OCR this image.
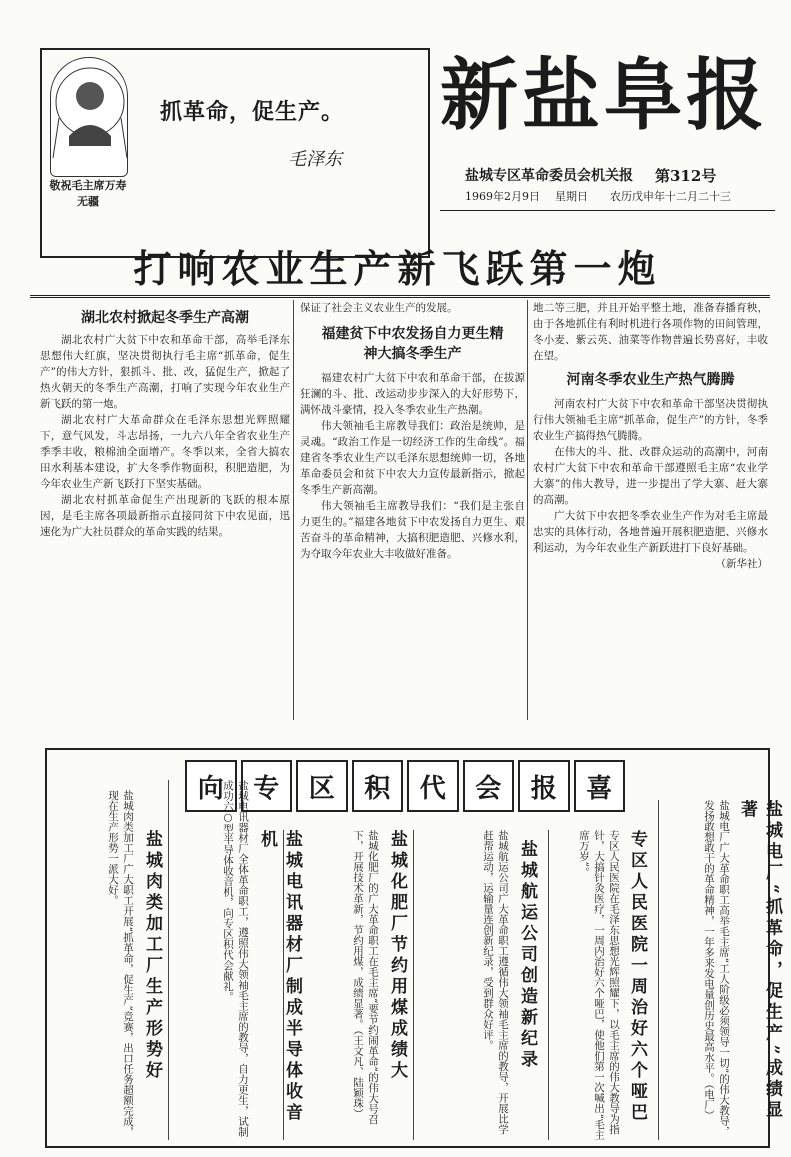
敬祝毛主席万寿无疆
抓革命，促生产。
毛泽东
新盐阜报
盐城专区革命委员会机关报 第312号
1969年2月9日 星期日 农历戊申年十二月二十三
打响农业生产新飞跃第一炮
湖北农村掀起冬季生产高潮

湖北农村广大贫下中农和革命干部，高举毛泽东思想伟大红旗，坚决贯彻执行毛主席“抓革命，促生产”的伟大方针，狠抓斗、批、改，猛促生产，掀起了热火朝天的冬季生产高潮，打响了实现今年农业生产新飞跃的第一炮。

湖北农村广大革命群众在毛泽东思想光辉照耀下，意气风发，斗志昂扬，一九六八年全省农业生产季季丰收，粮棉油全面增产。冬季以来，全省大搞农田水利基本建设，扩大冬季作物面积，积肥造肥，为今年农业生产新飞跃打下坚实基础。

湖北农村抓革命促生产出现新的飞跃的根本原因，是毛主席各项最新指示直接同贫下中农见面，迅速化为广大社员群众的革命实践的结果。

保证了社会主义农业生产的发展。

福建贫下中农发扬自力更生精神大搞冬季生产

福建农村广大贫下中农和革命干部，在拔源狂澜的斗、批、改运动步步深入的大好形势下，满怀战斗豪情，投入冬季农业生产热潮。

伟大领袖毛主席教导我们：政治是统帅，是灵魂。“政治工作是一切经济工作的生命线”。福建省冬季农业生产以毛泽东思想统帅一切，各地革命委员会和贫下中农大力宣传最新指示，掀起冬季生产新高潮。

伟大领袖毛主席教导我们：“我们是主张自力更生的。”福建各地贫下中农发扬自力更生、艰苦奋斗的革命精神，大搞积肥造肥、兴修水利，为夺取今年农业大丰收做好准备。

地二等三肥，并且开始平整土地，准备春播育秧，由于各地抓住有利时机进行各项作物的田间管理，冬小麦、紫云英、油菜等作物普遍长势喜好，丰收在望。

河南冬季农业生产热气腾腾

河南农村广大贫下中农和革命干部坚决贯彻执行伟大领袖毛主席“抓革命，促生产”的方针，冬季农业生产搞得热气腾腾。

在伟大的斗、批、改群众运动的高潮中，河南农村广大贫下中农和革命干部遵照毛主席“农业学大寨”的伟大教导，进一步提出了学大寨、赶大寨的高潮。

广大贫下中农把冬季农业生产作为对毛主席最忠实的具体行动，各地普遍开展积肥造肥、兴修水利运动，为今年农业生产新跃进打下良好基础。

（新华社）

向	专	区	积	代	会	报	喜
盐城电厂“抓革命，促生产”成绩显著
盐城电厂广大革命职工高举毛主席“工人阶级必须领导一切”的伟大教导，发扬敢想敢干的革命精神，一年多来发电量创历史最高水平。（电厂）
专区人民医院一周治好六个哑巴
专区人民医院在毛泽东思想光辉照耀下，以毛主席的伟大教导为指针，大搞针灸医疗，一周内治好六个哑巴，使他们第一次喊出“毛主席万岁”。
盐城航运公司创造新纪录
盐城航运公司广大革命职工遵循伟大领袖毛主席的教导，开展比学赶帮运动，运输量连创新纪录，受到群众好评。
盐城化肥厂节约用煤成绩大
盐城化肥厂的广大革命职工在毛主席“要节约闹革命”的伟大号召下，开展技术革新，节约用煤，成绩显著。（王文凡、陆颖珠）
盐城电讯器材厂制成半导体收音机
盐城电讯器材厂全体革命职工，遵照伟大领袖毛主席的教导，自力更生，试制成功六○型半导体收音机，向专区积代会献礼。
盐城肉类加工厂生产形势好
盐城肉类加工厂广大职工开展“抓革命，促生产”竞赛，出口任务超额完成，现在生产形势一派大好。
